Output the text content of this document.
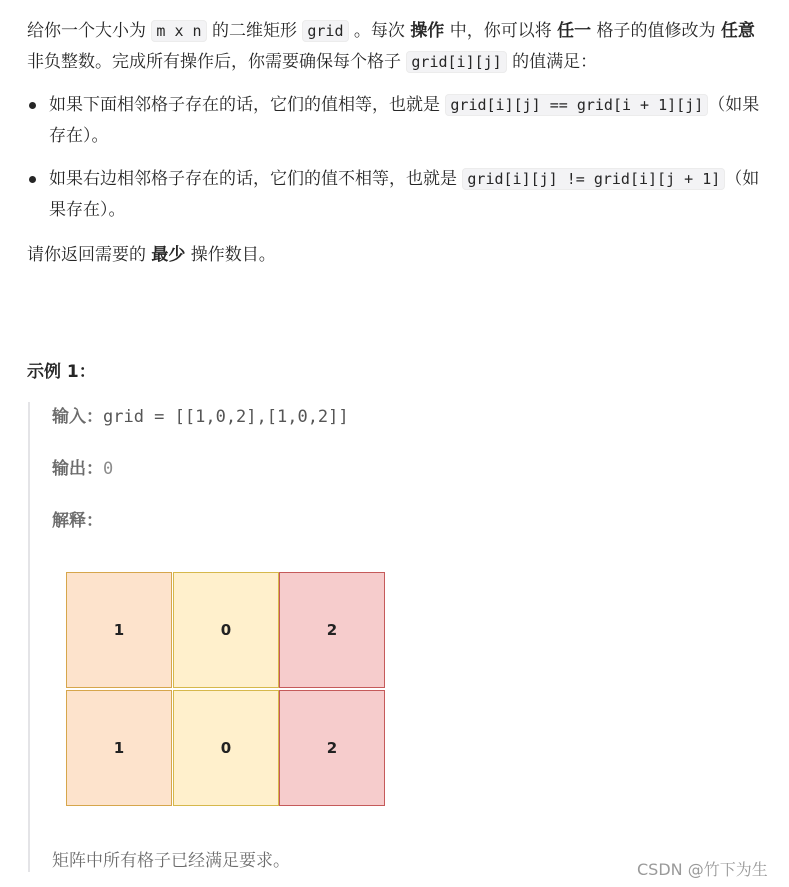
给你一个大小为 m x n 的二维矩形 grid 。每次 操作 中，你可以将 任一 格子的值修改为 任意 非负整数。完成所有操作后，你需要确保每个格子 grid[i][j] 的值满足：

如果下面相邻格子存在的话，它们的值相等，也就是 grid[i][j] == grid[i + 1][j] （如果存在）。
如果右边相邻格子存在的话，它们的值不相等，也就是 grid[i][j] != grid[i][j + 1] （如果存在）。

请你返回需要的 最少 操作数目。

示例 1：

输入：grid = [[1,0,2],[1,0,2]]

输出：0

解释：

1	0	2
1	0	2

矩阵中所有格子已经满足要求。	CSDN @竹下为生
